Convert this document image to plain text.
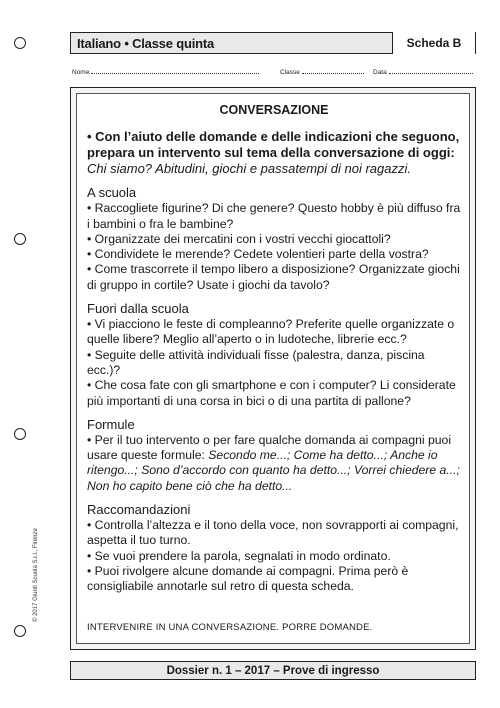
Italiano • Classe quinta	Scheda B
Nome	Classe	Data
CONVERSAZIONE
• Con l’aiuto delle domande e delle indicazioni che seguono, prepara un intervento sul tema della conversazione di oggi:
Chi siamo? Abitudini, giochi e passatempi di noi ragazzi.
A scuola
• Raccogliete figurine? Di che genere? Questo hobby è più diffuso fra i bambini o fra le bambine?
• Organizzate dei mercatini con i vostri vecchi giocattoli?
• Condividete le merende? Cedete volentieri parte della vostra?
• Come trascorrete il tempo libero a disposizione? Organizzate giochi di gruppo in cortile? Usate i giochi da tavolo?
Fuori dalla scuola
• Vi piacciono le feste di compleanno? Preferite quelle organizzate o quelle libere? Meglio all’aperto o in ludoteche, librerie ecc.?
• Seguite delle attività individuali fisse (palestra, danza, piscina ecc.)?
• Che cosa fate con gli smartphone e con i computer? Li considerate più importanti di una corsa in bici o di una partita di pallone?
Formule
• Per il tuo intervento o per fare qualche domanda ai compagni puoi usare queste formule: Secondo me...; Come ha detto...; Anche io ritengo...; Sono d’accordo con quanto ha detto...; Vorrei chiedere a...; Non ho capito bene ciò che ha detto...
Raccomandazioni
• Controlla l’altezza e il tono della voce, non sovrapporti ai compagni, aspetta il tuo turno.
• Se vuoi prendere la parola, segnalati in modo ordinato.
• Puoi rivolgere alcune domande ai compagni. Prima però è consigliabile annotarle sul retro di questa scheda.
INTERVENIRE IN UNA CONVERSAZIONE. PORRE DOMANDE.
Dossier n. 1 – 2017 – Prove di ingresso
© 2017 Giunti Scuola S.r.l., Firenze
